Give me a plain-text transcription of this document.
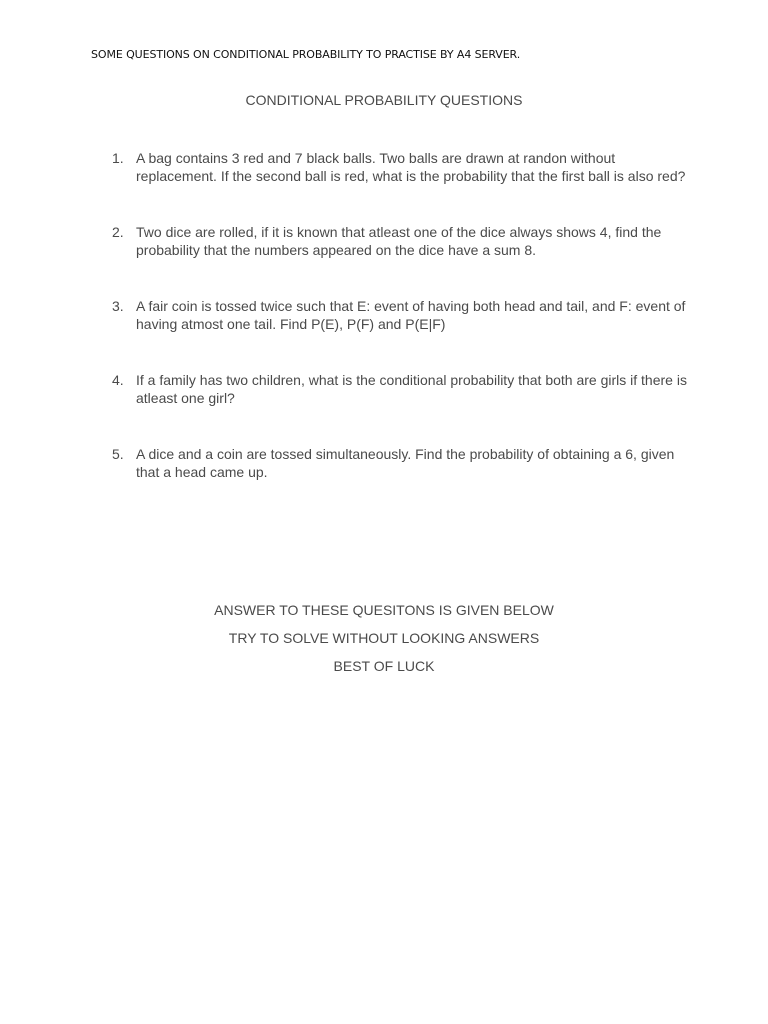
SOME QUESTIONS ON CONDITIONAL PROBABILITY TO PRACTISE BY A4 SERVER.
CONDITIONAL PROBABILITY QUESTIONS
1. A bag contains 3 red and 7 black balls. Two balls are drawn at randon without replacement. If the second ball is red, what is the probability that the first ball is also red?
2. Two dice are rolled, if it is known that atleast one of the dice always shows 4, find the probability that the numbers appeared on the dice have a sum 8.
3. A fair coin is tossed twice such that E: event of having both head and tail, and F: event of having atmost one tail. Find P(E), P(F) and P(E|F)
4. If a family has two children, what is the conditional probability that both are girls if there is atleast one girl?
5. A dice and a coin are tossed simultaneously. Find the probability of obtaining a 6, given that a head came up.
ANSWER TO THESE QUESITONS IS GIVEN BELOW
TRY TO SOLVE WITHOUT LOOKING ANSWERS
BEST OF LUCK
